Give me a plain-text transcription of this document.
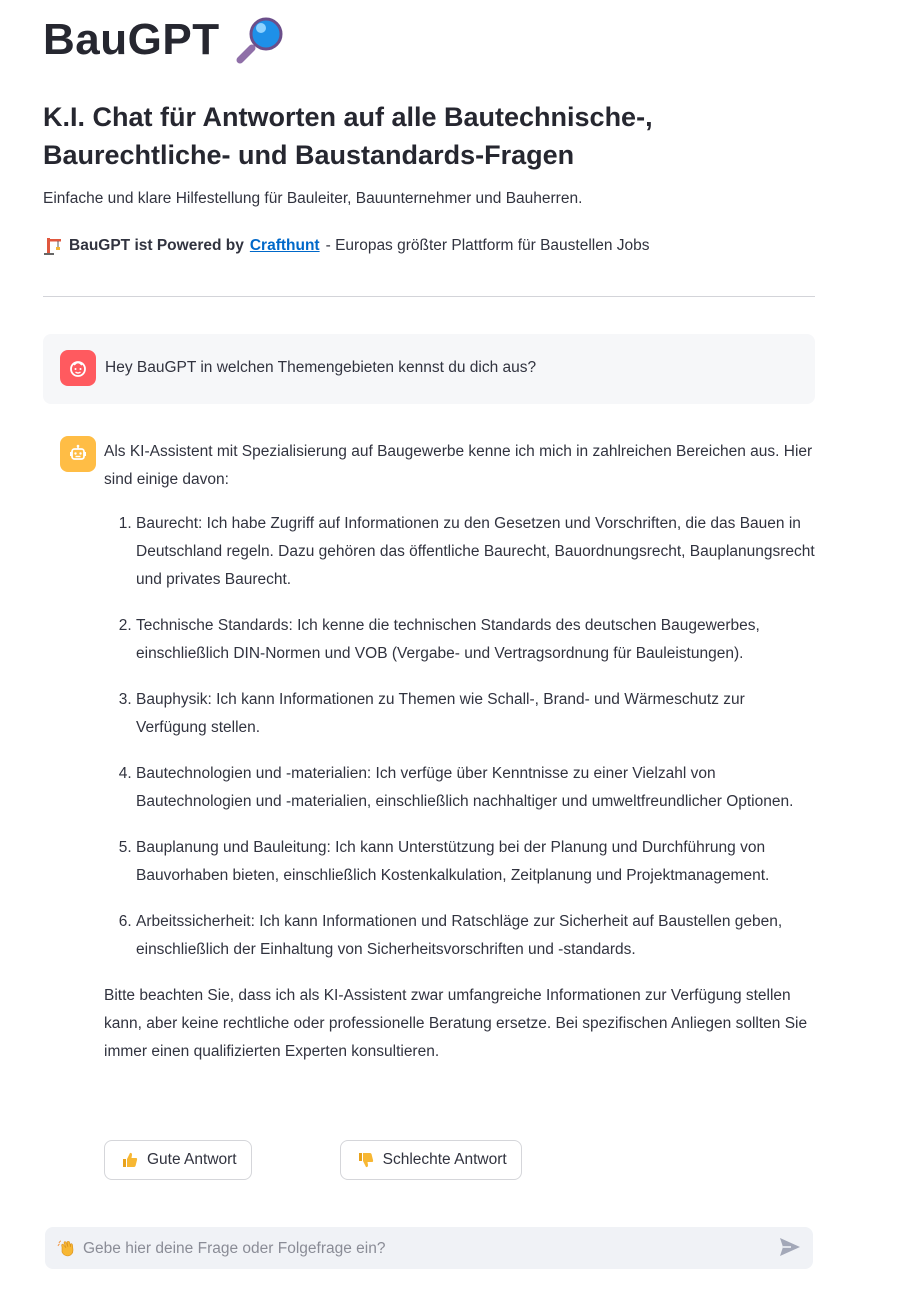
BauGPT
K.I. Chat für Antworten auf alle Bautechnische-, Baurechtliche- und Baustandards-Fragen

Einfache und klare Hilfestellung für Bauleiter, Bauunternehmer und Bauherren.

BauGPT ist Powered by Crafthunt - Europas größter Plattform für Baustellen Jobs

Hey BauGPT in welchen Themengebieten kennst du dich aus?

Als KI-Assistent mit Spezialisierung auf Baugewerbe kenne ich mich in zahlreichen Bereichen aus. Hier sind einige davon:

1. Baurecht: Ich habe Zugriff auf Informationen zu den Gesetzen und Vorschriften, die das Bauen in Deutschland regeln. Dazu gehören das öffentliche Baurecht, Bauordnungsrecht, Bauplanungsrecht und privates Baurecht.
2. Technische Standards: Ich kenne die technischen Standards des deutschen Baugewerbes, einschließlich DIN-Normen und VOB (Vergabe- und Vertragsordnung für Bauleistungen).
3. Bauphysik: Ich kann Informationen zu Themen wie Schall-, Brand- und Wärmeschutz zur Verfügung stellen.
4. Bautechnologien und -materialien: Ich verfüge über Kenntnisse zu einer Vielzahl von Bautechnologien und -materialien, einschließlich nachhaltiger und umweltfreundlicher Optionen.
5. Bauplanung und Bauleitung: Ich kann Unterstützung bei der Planung und Durchführung von Bauvorhaben bieten, einschließlich Kostenkalkulation, Zeitplanung und Projektmanagement.
6. Arbeitssicherheit: Ich kann Informationen und Ratschläge zur Sicherheit auf Baustellen geben, einschließlich der Einhaltung von Sicherheitsvorschriften und -standards.

Bitte beachten Sie, dass ich als KI-Assistent zwar umfangreiche Informationen zur Verfügung stellen kann, aber keine rechtliche oder professionelle Beratung ersetze. Bei spezifischen Anliegen sollten Sie immer einen qualifizierten Experten konsultieren.

Gute Antwort	Schlechte Antwort
Gebe hier deine Frage oder Folgefrage ein?
